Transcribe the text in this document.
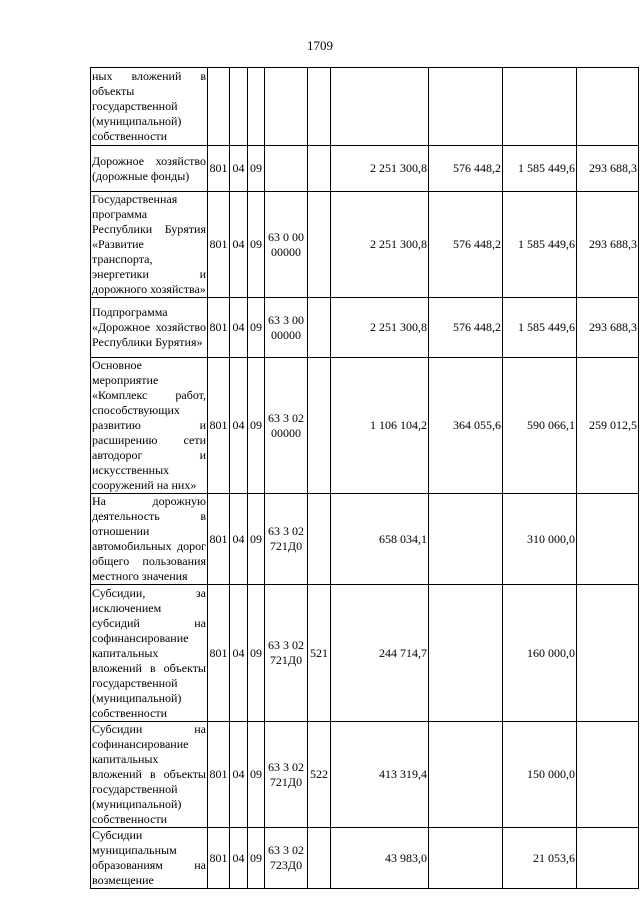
1709
ных вложений в объекты государственной (муниципальной) собственности									
Дорожное хозяйство (дорожные фонды)	801	04	09			2 251 300,8	576 448,2	1 585 449,6	293 688,3
Государственная программа Республики Бурятия «Развитие транспорта, энергетики и дорожного хозяйства»	801	04	09	63 0 00 00000		2 251 300,8	576 448,2	1 585 449,6	293 688,3
Подпрограмма «Дорожное хозяйство Республики Бурятия»	801	04	09	63 3 00 00000		2 251 300,8	576 448,2	1 585 449,6	293 688,3
Основное мероприятие «Комплекс работ, способствующих развитию и расширению сети автодорог и искусственных сооружений на них»	801	04	09	63 3 02 00000		1 106 104,2	364 055,6	590 066,1	259 012,5
На дорожную деятельность в отношении автомобильных дорог общего пользования местного значения	801	04	09	63 3 02 721Д0		658 034,1		310 000,0	
Субсидии, за исключением субсидий на софинансирование капитальных вложений в объекты государственной (муниципальной) собственности	801	04	09	63 3 02 721Д0	521	244 714,7		160 000,0	
Субсидии на софинансирование капитальных вложений в объекты государственной (муниципальной) собственности	801	04	09	63 3 02 721Д0	522	413 319,4		150 000,0	
Субсидии муниципальным образованиям на возмещение	801	04	09	63 3 02 723Д0		43 983,0		21 053,6	
